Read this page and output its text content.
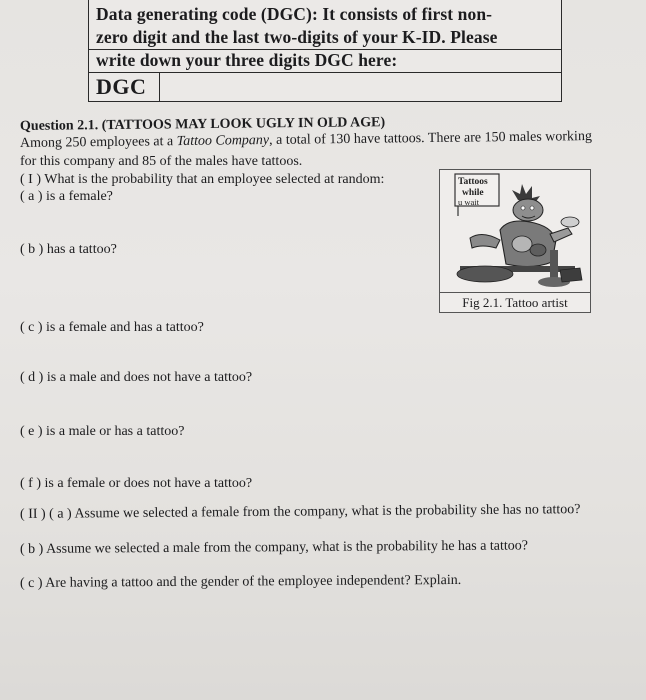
Data generating code (DGC): It consists of first non-
zero digit and the last two-digits of your K-ID. Please
write down your three digits DGC here:
DGC
Question 2.1. (TATTOOS MAY LOOK UGLY IN OLD AGE)
Among 250 employees at a Tattoo Company, a total of 130 have tattoos. There are 150 males working
for this company and 85 of the males have tattoos.
( I ) What is the probability that an employee selected at random:
( a ) is a female?
( b ) has a tattoo?
Tattoos
while
u wait
Fig 2.1. Tattoo artist
( c ) is a female and has a tattoo?
( d ) is a male and does not have a tattoo?
( e ) is a male or has a tattoo?
( f ) is a female or does not have a tattoo?
( II ) ( a ) Assume we selected a female from the company, what is the probability she has no tattoo?
( b ) Assume we selected a male from the company, what is the probability he has a tattoo?
( c ) Are having a tattoo and the gender of the employee independent? Explain.
